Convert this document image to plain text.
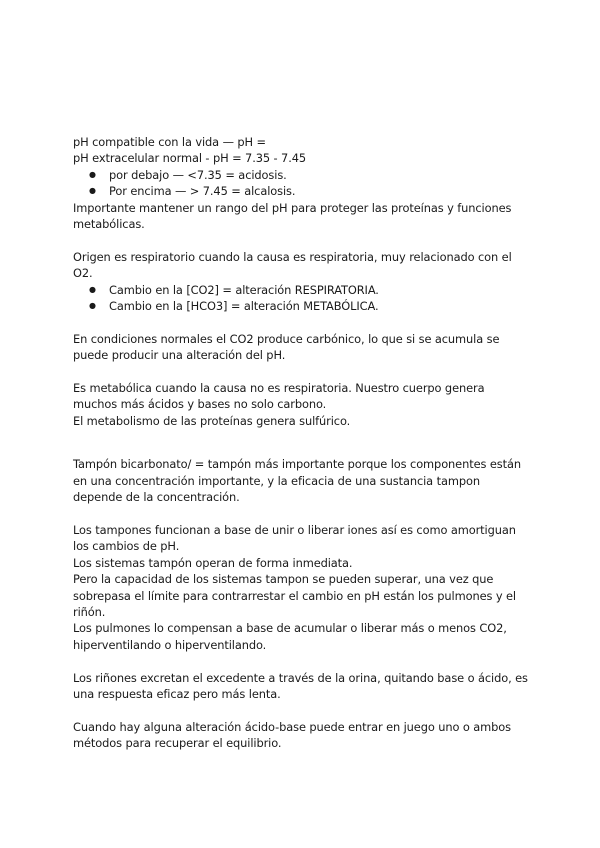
pH compatible con la vida — pH =

pH extracelular normal - pH = 7.35 - 7.45

● por debajo — <7.35 = acidosis.
● Por encima — > 7.45 = alcalosis.

Importante mantener un rango del pH para proteger las proteínas y funciones metabólicas.

Origen es respiratorio cuando la causa es respiratoria, muy relacionado con el O2.

● Cambio en la [CO2] = alteración RESPIRATORIA.
● Cambio en la [HCO3] = alteración METABÓLICA.

En condiciones normales el CO2 produce carbónico, lo que si se acumula se puede producir una alteración del pH.

Es metabólica cuando la causa no es respiratoria. Nuestro cuerpo genera muchos más ácidos y bases no solo carbono.

El metabolismo de las proteínas genera sulfúrico.

Tampón bicarbonato/ = tampón más importante porque los componentes están en una concentración importante, y la eficacia de una sustancia tampon depende de la concentración.

Los tampones funcionan a base de unir o liberar iones así es como amortiguan los cambios de pH.

Los sistemas tampón operan de forma inmediata.

Pero la capacidad de los sistemas tampon se pueden superar, una vez que sobrepasa el límite para contrarrestar el cambio en pH están los pulmones y el riñón.

Los pulmones lo compensan a base de acumular o liberar más o menos CO2, hiperventilando o hiperventilando.

Los riñones excretan el excedente a través de la orina, quitando base o ácido, es una respuesta eficaz pero más lenta.

Cuando hay alguna alteración ácido-base puede entrar en juego uno o ambos métodos para recuperar el equilibrio.
